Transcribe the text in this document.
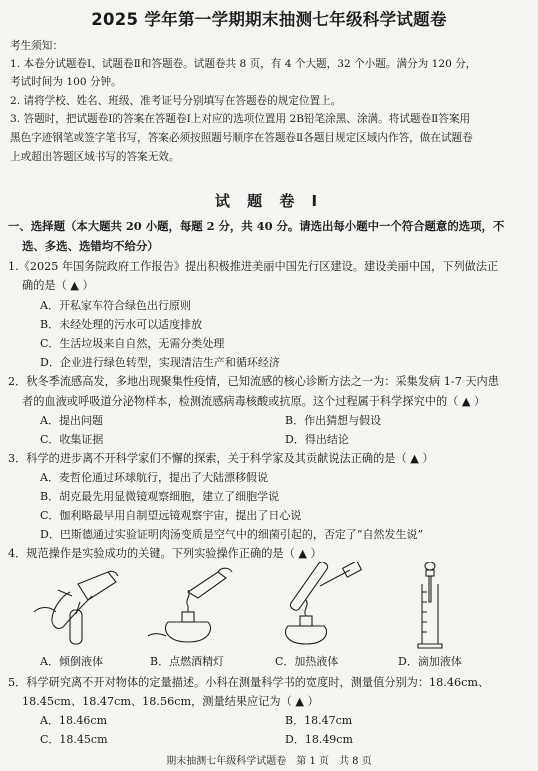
2025 学年第一学期期末抽测七年级科学试题卷
考生须知：
1. 本卷分试题卷Ⅰ、试题卷Ⅱ和答题卷。试题卷共 8 页，有 4 个大题，32 个小题。满分为 120 分，
考试时间为 100 分钟。
2. 请将学校、姓名、班级、准考证号分别填写在答题卷的规定位置上。
3. 答题时，把试题卷Ⅰ的答案在答题卷Ⅰ上对应的选项位置用 2B铅笔涂黑、涂满。将试题卷Ⅱ答案用
黑色字迹钢笔或签字笔书写，答案必须按照题号顺序在答题卷Ⅱ各题目规定区域内作答，做在试题卷
上或超出答题区域书写的答案无效。
试 题 卷 Ⅰ
一、选择题（本大题共 20 小题，每题 2 分，共 40 分。请选出每小题中一个符合题意的选项，不
选、多选、选错均不给分）
1.《2025 年国务院政府工作报告》提出积极推进美丽中国先行区建设。建设美丽中国，下列做法正
确的是（ ▲ ）
A．开私家车符合绿色出行原则
B．未经处理的污水可以适度排放
C．生活垃圾来自自然，无需分类处理
D．企业进行绿色转型，实现清洁生产和循环经济
2．秋冬季流感高发，多地出现聚集性疫情，已知流感的核心诊断方法之一为：采集发病 1-7 天内患
者的血液或呼吸道分泌物样本，检测流感病毒核酸或抗原。这个过程属于科学探究中的（ ▲ ）
A．提出问题	B．作出猜想与假设
C．收集证据	D．得出结论
3．科学的进步离不开科学家们不懈的探索，关于科学家及其贡献说法正确的是（ ▲ ）
A．麦哲伦通过环球航行，提出了大陆漂移假说
B．胡克最先用显微镜观察细胞，建立了细胞学说
C．伽利略最早用自制望远镜观察宇宙，提出了日心说
D．巴斯德通过实验证明肉汤变质是空气中的细菌引起的，否定了“自然发生说”
4．规范操作是实验成功的关键。下列实验操作正确的是（ ▲ ）
A．倾倒液体	B．点燃酒精灯	C．加热液体	D．滴加液体
5．科学研究离不开对物体的定量描述。小科在测量科学书的宽度时，测量值分别为：18.46cm、
18.45cm、18.47cm、18.56cm，测量结果应记为（ ▲ ）
A．18.46cm	B．18.47cm
C．18.45cm	D．18.49cm
期末抽测七年级科学试题卷　第 1 页　共 8 页
